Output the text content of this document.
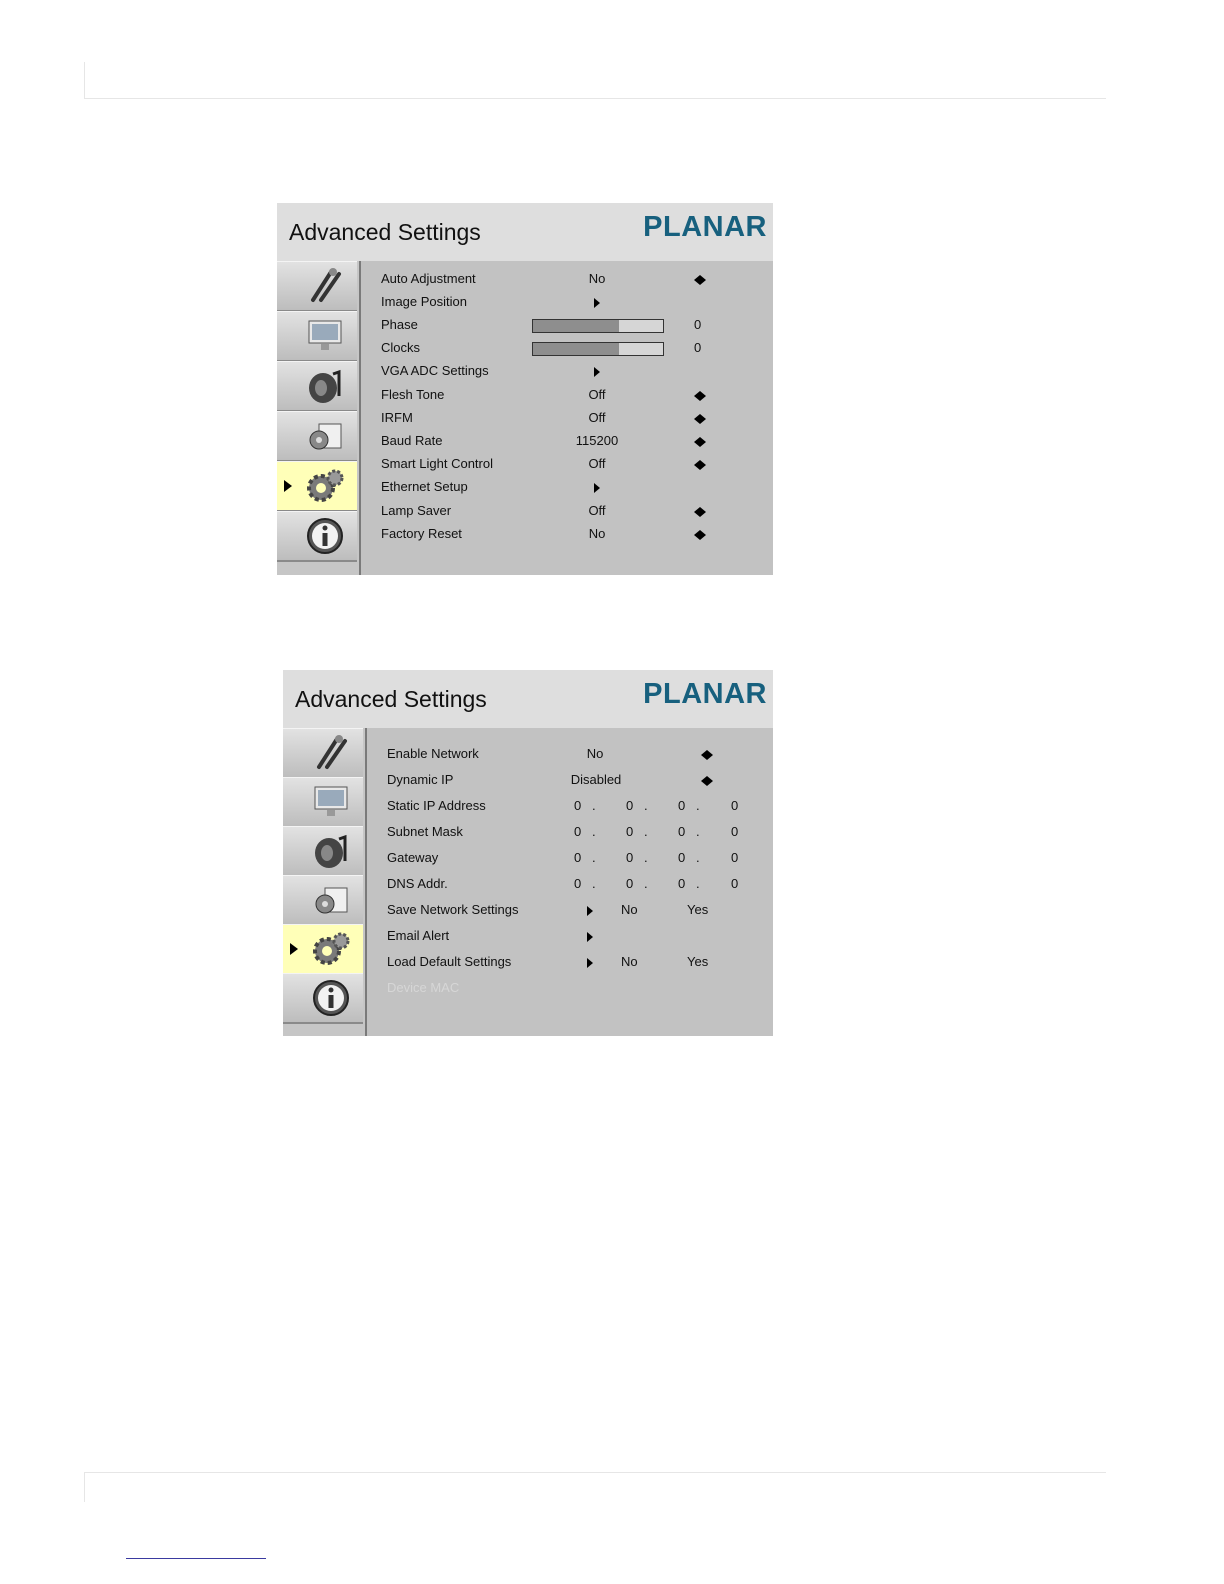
Advanced Settings	PLANAR
Auto Adjustment	No
Image Position
Phase	0
Clocks	0
VGA ADC Settings
Flesh Tone	Off
IRFM	Off
Baud Rate	115200
Smart Light Control	Off
Ethernet Setup
Lamp Saver	Off
Factory Reset	No
Advanced Settings	PLANAR
Enable Network	No
Dynamic IP	Disabled
Static IP Address	0 . 0 . 0 . 0
Subnet Mask	0 . 0 . 0 . 0
Gateway	0 . 0 . 0 . 0
DNS Addr.	0 . 0 . 0 . 0
Save Network Settings	No	Yes
Email Alert
Load Default Settings	No	Yes
Device MAC
